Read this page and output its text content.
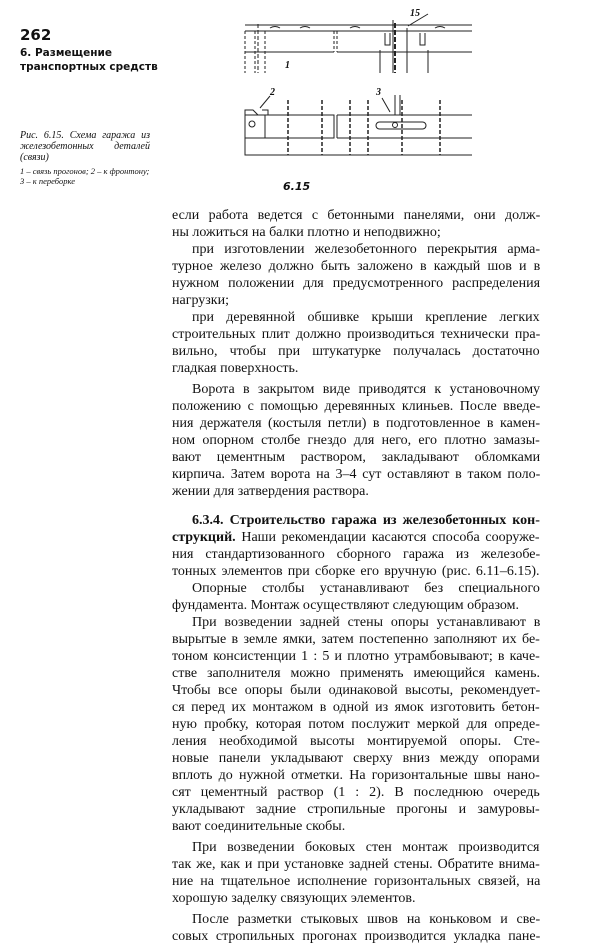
262
6. Размещение
транспортных средств
Рис. 6.15. Схема гаража из железобетонных деталей (связи)
1 – связь прогонов; 2 – к фронтону; 3 – к переборке
15
1
2	3
6.15
если работа ведется с бетонными панелями, они долж-
ны ложиться на балки плотно и неподвижно;
при изготовлении железобетонного перекрытия арма-
турное железо должно быть заложено в каждый шов и в
нужном положении для предусмотренного распределения
нагрузки;
при деревянной обшивке крыши крепление легких
строительных плит должно производиться технически пра-
вильно, чтобы при штукатурке получалась достаточно
гладкая поверхность.
Ворота в закрытом виде приводятся к установочному
положению с помощью деревянных клиньев. После введе-
ния держателя (костыля петли) в подготовленное в камен-
ном опорном столбе гнездо для него, его плотно замазы-
вают цементным раствором, закладывают обломками
кирпича. Затем ворота на 3–4 сут оставляют в таком поло-
жении для затвердения раствора.
6.3.4. Строительство гаража из железобетонных кон-
струкций. Наши рекомендации касаются способа сооруже-
ния стандартизованного сборного гаража из железобе-
тонных элементов при сборке его вручную (рис. 6.11–6.15).
Опорные столбы устанавливают без специального
фундамента. Монтаж осуществляют следующим образом.
При возведении задней стены опоры устанавливают в
вырытые в земле ямки, затем постепенно заполняют их бе-
тоном консистенции 1 : 5 и плотно утрамбовывают; в каче-
стве заполнителя можно применять имеющийся камень.
Чтобы все опоры были одинаковой высоты, рекомендует-
ся перед их монтажом в одной из ямок изготовить бетон-
ную пробку, которая потом послужит меркой для опреде-
ления необходимой высоты монтируемой опоры. Сте-
новые панели укладывают сверху вниз между опорами
вплоть до нужной отметки. На горизонтальные швы нано-
сят цементный раствор (1 : 2). В последнюю очередь
укладывают задние стропильные прогоны и замуровы-
вают соединительные скобы.
При возведении боковых стен монтаж производится
так же, как и при установке задней стены. Обратите внима-
ние на тщательное исполнение горизонтальных связей, на
хорошую заделку связующих элементов.
После разметки стыковых швов на коньковом и све-
совых стропильных прогонах производится укладка пане-
